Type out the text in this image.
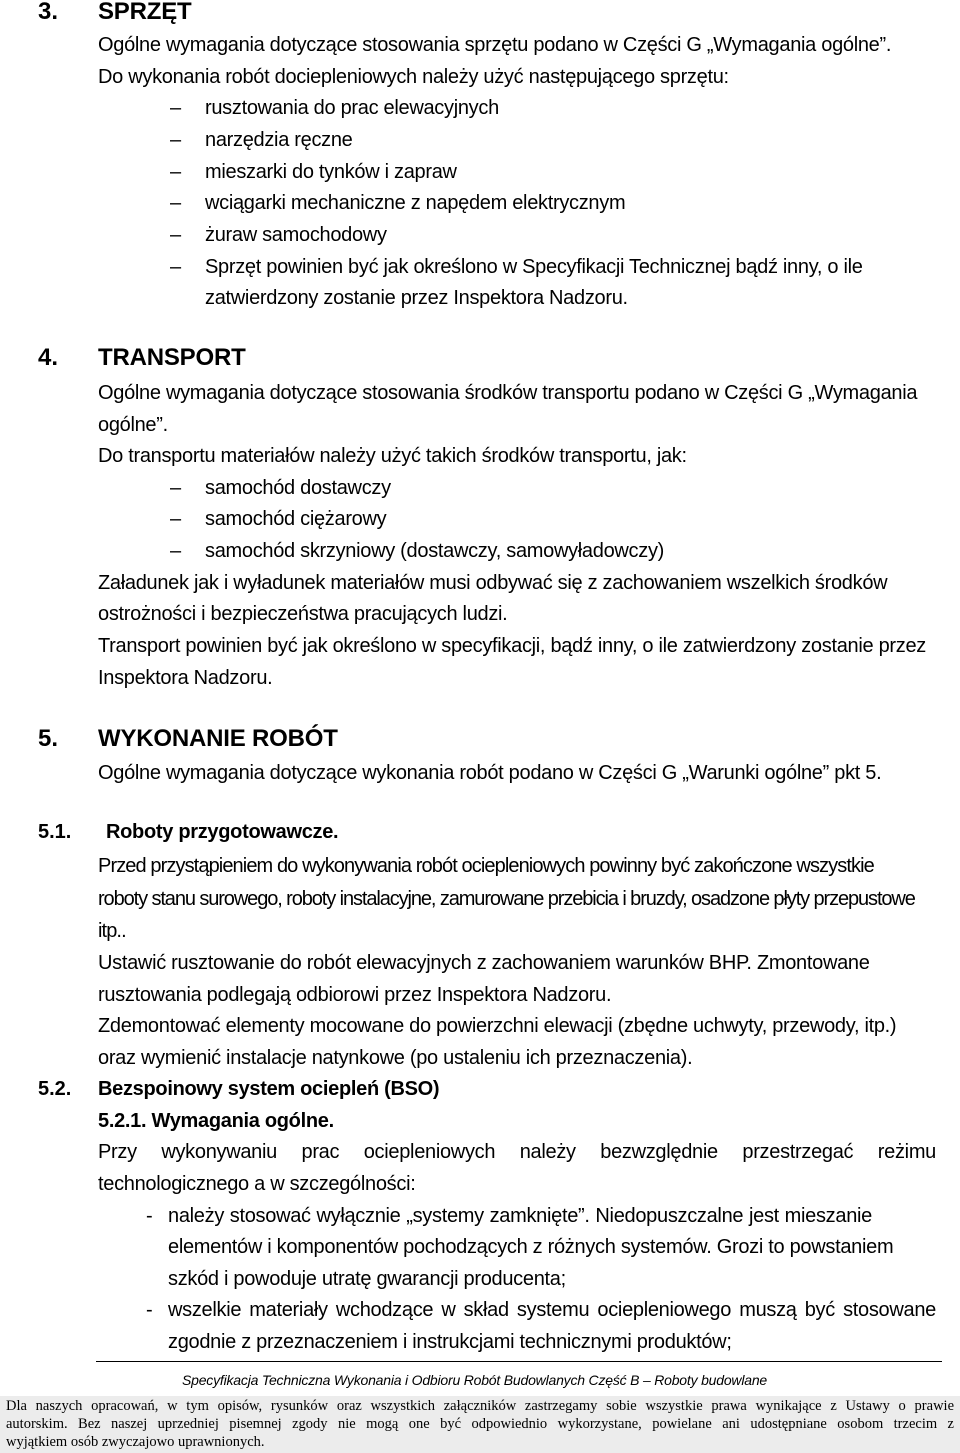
3. SPRZĘT
Ogólne wymagania dotyczące stosowania sprzętu podano w Części G „Wymagania ogólne”.
Do wykonania robót dociepleniowych należy użyć następującego sprzętu:
– rusztowania do prac elewacyjnych
– narzędzia ręczne
– mieszarki do tynków i zapraw
– wciągarki mechaniczne z napędem elektrycznym
– żuraw samochodowy
– Sprzęt powinien być jak określono w Specyfikacji Technicznej bądź inny, o ile
zatwierdzony zostanie przez Inspektora Nadzoru.
4. TRANSPORT
Ogólne wymagania dotyczące stosowania środków transportu podano w Części G „Wymagania
ogólne”.
Do transportu materiałów należy użyć takich środków transportu, jak:
– samochód dostawczy
– samochód ciężarowy
– samochód skrzyniowy (dostawczy, samowyładowczy)
Załadunek jak i wyładunek materiałów musi odbywać się z zachowaniem wszelkich środków
ostrożności i bezpieczeństwa pracujących ludzi.
Transport powinien być jak określono w specyfikacji, bądź inny, o ile zatwierdzony zostanie przez
Inspektora Nadzoru.
5. WYKONANIE ROBÓT
Ogólne wymagania dotyczące wykonania robót podano w Części G „Warunki ogólne” pkt 5.
5.1. Roboty przygotowawcze.
Przed przystąpieniem do wykonywania robót ociepleniowych powinny być zakończone wszystkie
roboty stanu surowego, roboty instalacyjne, zamurowane przebicia i bruzdy, osadzone płyty przepustowe
itp..
Ustawić rusztowanie do robót elewacyjnych z zachowaniem warunków BHP. Zmontowane
rusztowania podlegają odbiorowi przez Inspektora Nadzoru.
Zdemontować elementy mocowane do powierzchni elewacji (zbędne uchwyty, przewody, itp.)
oraz wymienić instalacje natynkowe (po ustaleniu ich przeznaczenia).
5.2. Bezspoinowy system ociepleń (BSO)
5.2.1. Wymagania ogólne.
Przy wykonywaniu prac ociepleniowych należy bezwzględnie przestrzegać reżimu
technologicznego a w szczególności:
- należy stosować wyłącznie „systemy zamknięte”. Niedopuszczalne jest mieszanie
elementów i komponentów pochodzących z różnych systemów. Grozi to powstaniem
szkód i powoduje utratę gwarancji producenta;
- wszelkie materiały wchodzące w skład systemu ociepleniowego muszą być stosowane
zgodnie z przeznaczeniem i instrukcjami technicznymi produktów;
Specyfikacja Techniczna Wykonania i Odbioru Robót Budowlanych Część B – Roboty budowlane
Dla naszych opracowań, w tym opisów, rysunków oraz wszystkich załączników zastrzegamy sobie wszystkie prawa wynikające z Ustawy o prawie
autorskim. Bez naszej uprzedniej pisemnej zgody nie mogą one być odpowiednio wykorzystane, powielane ani udostępniane osobom trzecim z
wyjątkiem osób zwyczajowo uprawnionych.
